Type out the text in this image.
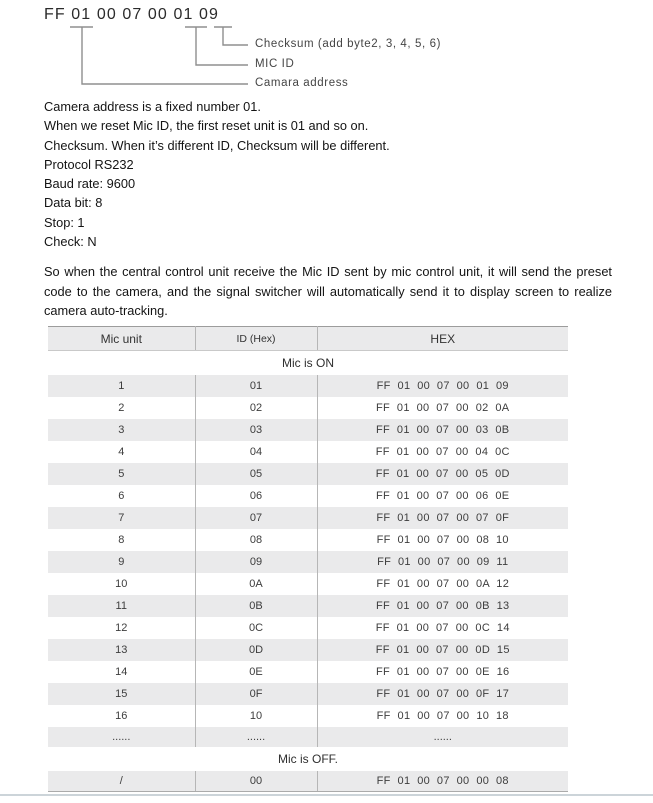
FF 01 00 07 00 01 09
Checksum (add byte2, 3, 4, 5, 6)
MIC ID
Camara address
Camera address is a fixed number 01.
When we reset Mic ID, the first reset unit is 01 and so on.
Checksum. When it’s different ID, Checksum will be different.
Protocol RS232
Baud rate: 9600
Data bit: 8
Stop: 1
Check: N

So when the central control unit receive the Mic ID sent by mic control unit, it will send the preset code to the camera, and the signal switcher will automatically send it to display screen to realize camera auto-tracking.

Mic unit	ID (Hex)	HEX
Mic is ON		
1	01	FF 01 00 07 00 01 09
2	02	FF 01 00 07 00 02 0A
3	03	FF 01 00 07 00 03 0B
4	04	FF 01 00 07 00 04 0C
5	05	FF 01 00 07 00 05 0D
6	06	FF 01 00 07 00 06 0E
7	07	FF 01 00 07 00 07 0F
8	08	FF 01 00 07 00 08 10
9	09	FF 01 00 07 00 09 11
10	0A	FF 01 00 07 00 0A 12
11	0B	FF 01 00 07 00 0B 13
12	0C	FF 01 00 07 00 0C 14
13	0D	FF 01 00 07 00 0D 15
14	0E	FF 01 00 07 00 0E 16
15	0F	FF 01 00 07 00 0F 17
16	10	FF 01 00 07 00 10 18
......	......	......
Mic is OFF.		
/	00	FF 01 00 07 00 00 08
